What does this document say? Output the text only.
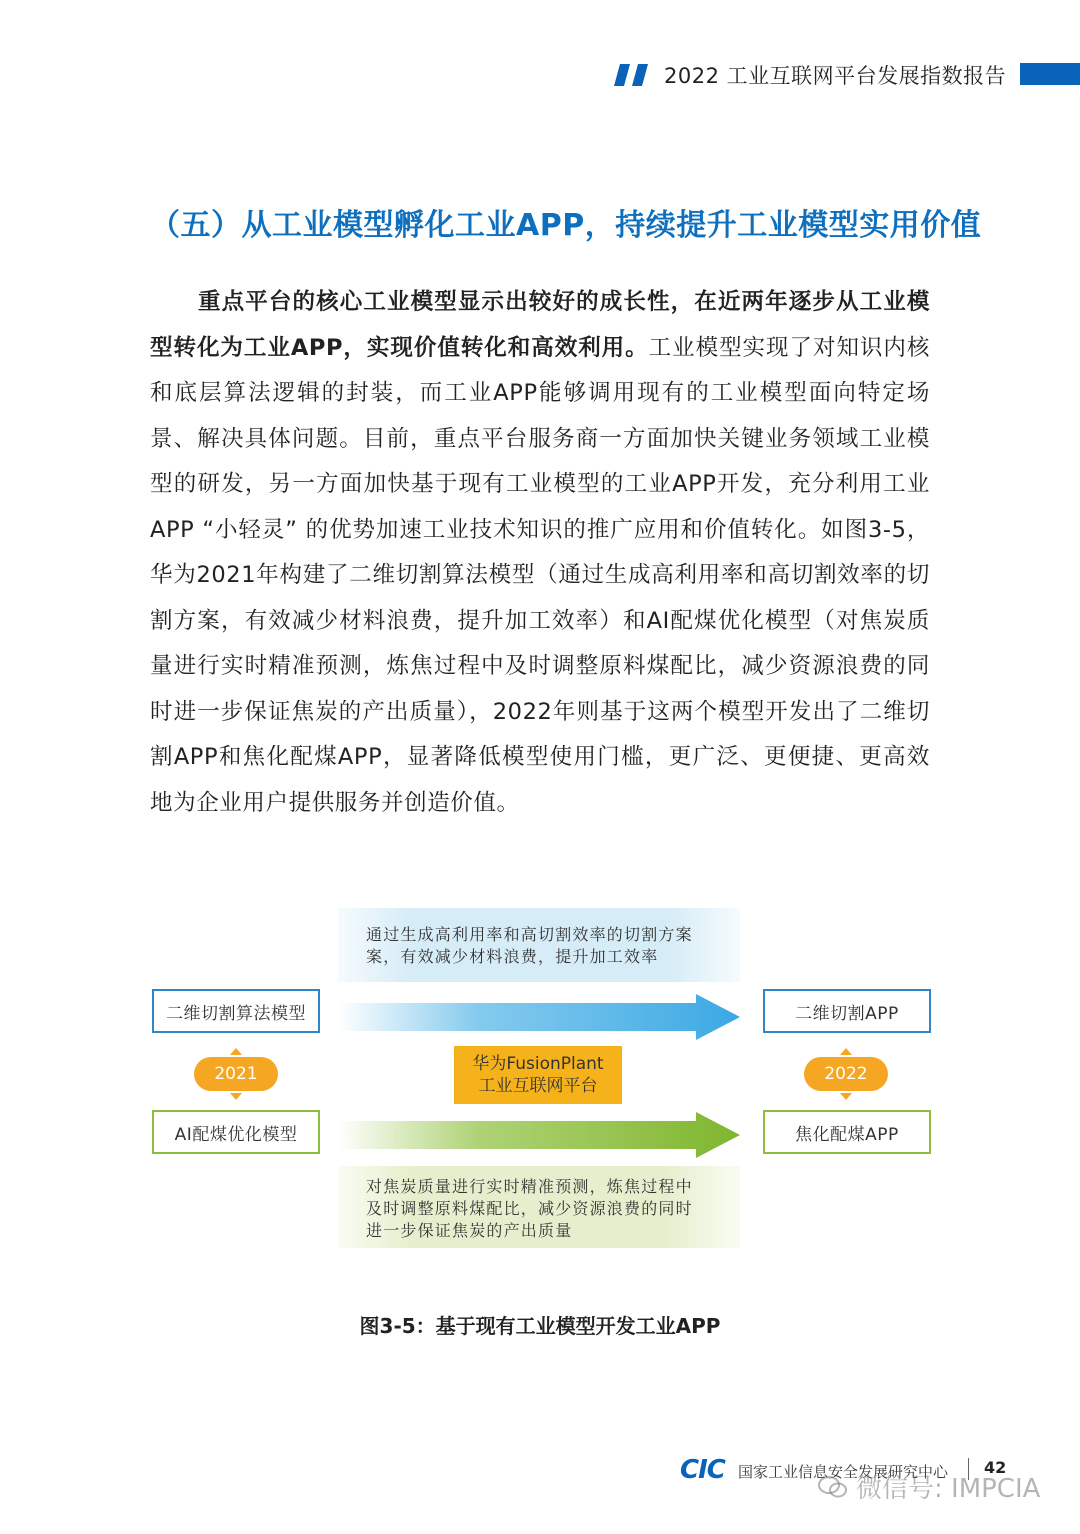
2022 工业互联网平台发展指数报告
（五）从工业模型孵化工业APP，持续提升工业模型实用价值
重点平台的核心工业模型显示出较好的成长性，在近两年逐步从工业模型转化为工业APP，实现价值转化和高效利用。工业模型实现了对知识内核和底层算法逻辑的封装，而工业APP能够调用现有的工业模型面向特定场景、解决具体问题。目前，重点平台服务商一方面加快关键业务领域工业模型的研发，另一方面加快基于现有工业模型的工业APP开发，充分利用工业APP “小轻灵” 的优势加速工业技术知识的推广应用和价值转化。如图3-5，华为2021年构建了二维切割算法模型（通过生成高利用率和高切割效率的切割方案，有效减少材料浪费，提升加工效率）和AI配煤优化模型（对焦炭质量进行实时精准预测，炼焦过程中及时调整原料煤配比，减少资源浪费的同时进一步保证焦炭的产出质量），2022年则基于这两个模型开发出了二维切割APP和焦化配煤APP，显著降低模型使用门槛，更广泛、更便捷、更高效地为企业用户提供服务并创造价值。
通过生成高利用率和高切割效率的切割方案
案，有效减少材料浪费，提升加工效率
对焦炭质量进行实时精准预测，炼焦过程中
及时调整原料煤配比，减少资源浪费的同时
进一步保证焦炭的产出质量
二维切割算法模型
AI配煤优化模型
2021	华为FusionPlant
工业互联网平台
二维切割APP
焦化配煤APP
2022
图3-5：基于现有工业模型开发工业APP
CIC 国家工业信息安全发展研究中心 42
微信号: IMPCIA
